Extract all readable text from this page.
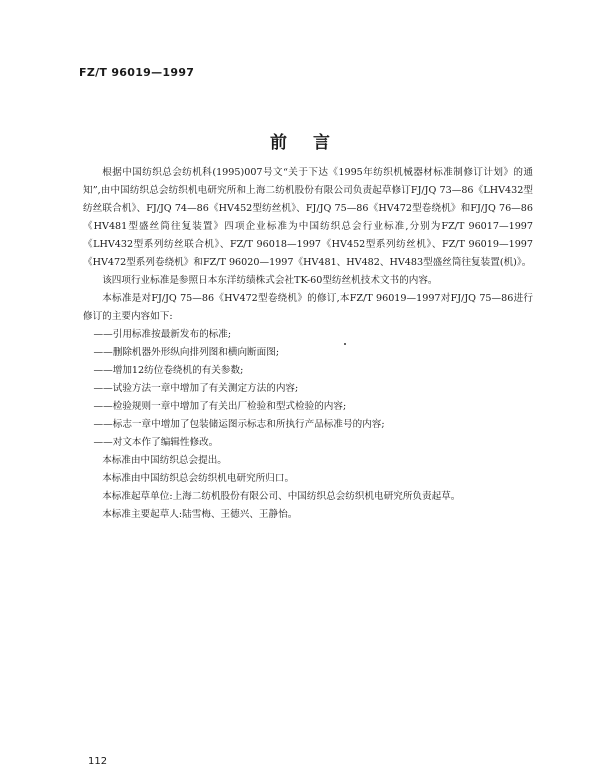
FZ/T 96019—1997
前言

根据中国纺织总会纺机科(1995)007号文“关于下达《1995年纺织机械器材标准制修订计划》的通知”,由中国纺织总会纺织机电研究所和上海二纺机股份有限公司负责起草修订FJ/JQ 73—86《LHV432型纺丝联合机》、FJ/JQ 74—86《HV452型纺丝机》、FJ/JQ 75—86《HV472型卷绕机》和FJ/JQ 76—86《HV481型盛丝筒往复装置》四项企业标准为中国纺织总会行业标准,分别为FZ/T 96017—1997《LHV432型系列纺丝联合机》、FZ/T 96018—1997《HV452型系列纺丝机》、FZ/T 96019—1997《HV472型系列卷绕机》和FZ/T 96020—1997《HV481、HV482、HV483型盛丝筒往复装置(机)》。

该四项行业标准是参照日本东洋纺绩株式会社TK-60型纺丝机技术文书的内容。

本标准是对FJ/JQ 75—86《HV472型卷绕机》的修订,本FZ/T 96019—1997对FJ/JQ 75—86进行修订的主要内容如下:

——引用标准按最新发布的标准;

——删除机器外形纵向排列图和横向断面图;

——增加12纺位卷绕机的有关参数;

——试验方法一章中增加了有关测定方法的内容;

——检验规则一章中增加了有关出厂检验和型式检验的内容;

——标志一章中增加了包装储运图示标志和所执行产品标准号的内容;

——对文本作了编辑性修改。

本标准由中国纺织总会提出。

本标准由中国纺织总会纺织机电研究所归口。

本标准起草单位:上海二纺机股份有限公司、中国纺织总会纺织机电研究所负责起草。

本标准主要起草人:陆雪梅、王德兴、王静怡。

112
